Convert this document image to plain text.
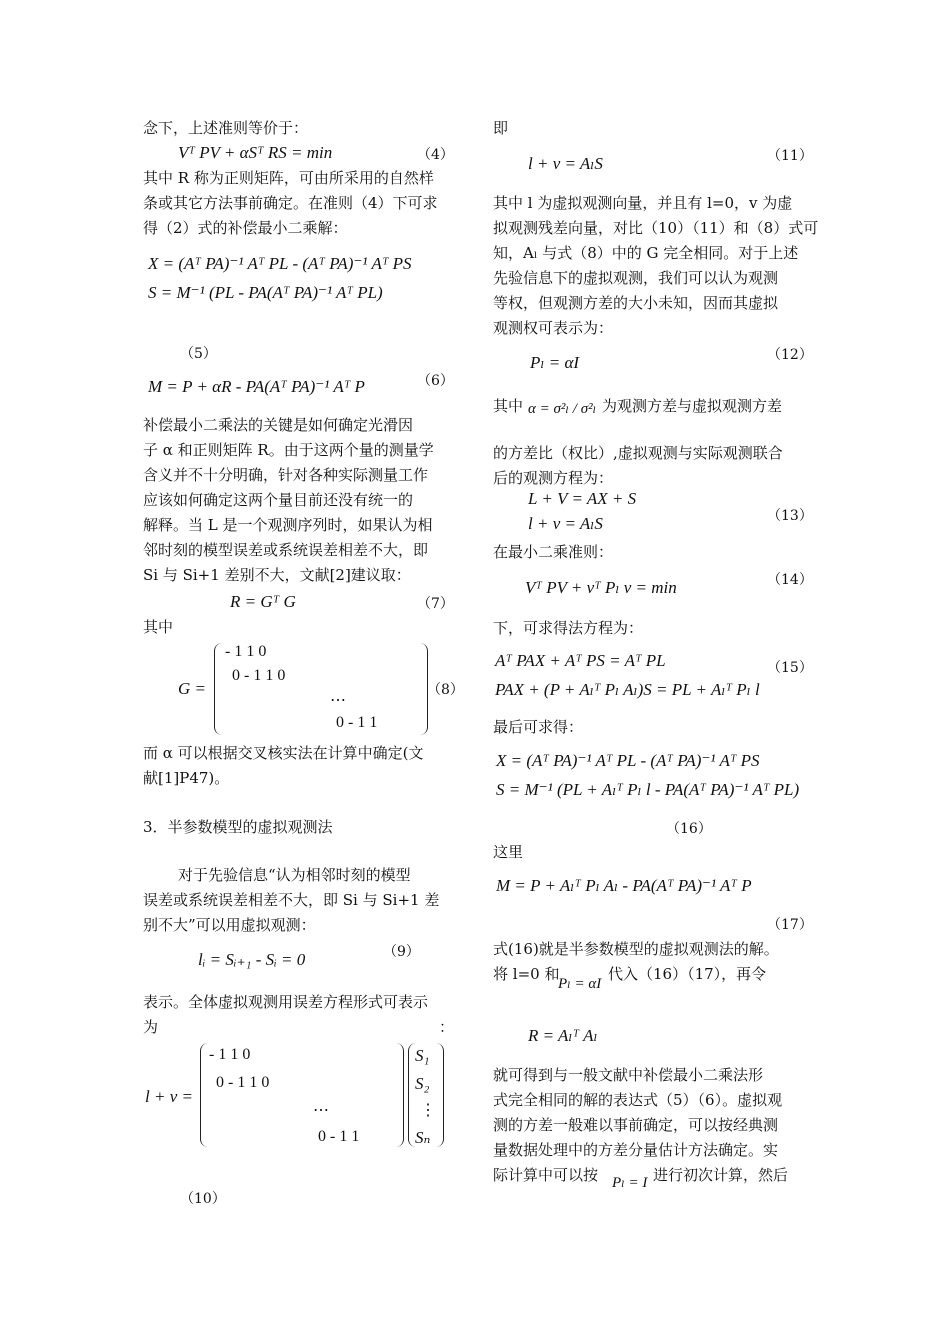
念下，上述准则等价于：
Vᵀ PV + αSᵀ RS = min	（4）
其中 R 称为正则矩阵，可由所采用的自然样
条或其它方法事前确定。在准则（4）下可求
得（2）式的补偿最小二乘解：
X = (Aᵀ PA)⁻¹ Aᵀ PL - (Aᵀ PA)⁻¹ Aᵀ PS
S = M⁻¹ (PL - PA(Aᵀ PA)⁻¹ Aᵀ PL)
（5）
M = P + αR - PA(Aᵀ PA)⁻¹ Aᵀ P	（6）
补偿最小二乘法的关键是如何确定光滑因
子 α 和正则矩阵 R。由于这两个量的测量学
含义并不十分明确，针对各种实际测量工作
应该如何确定这两个量目前还没有统一的
解释。当 L 是一个观测序列时，如果认为相
邻时刻的模型误差或系统误差相差不大，即
Si 与 Si+1 差别不大，文献[2]建议取：
R = Gᵀ G	（7）
其中
G =
- 1 1 0
0 - 1 1 0
⋯
0 - 1 1
（8）
而 α 可以根据交叉核实法在计算中确定(文
献[1]P47)。
3．半参数模型的虚拟观测法
对于先验信息“认为相邻时刻的模型
误差或系统误差相差不大，即 Si 与 Si+1 差
别不大”可以用虚拟观测：
lᵢ = Sᵢ₊₁ - Sᵢ = 0	（9）
表示。全体虚拟观测用误差方程形式可表示
为	：
l + v =
- 1 1 0
0 - 1 1 0
⋯
0 - 1 1
S₁
S₂
⋮
Sₙ
（10）
即
l + v = AₗS	（11）
其中 l 为虚拟观测向量，并且有 l=0，v 为虚
拟观测残差向量，对比（10）（11）和（8）式可
知，Aₗ 与式（8）中的 G 完全相同。对于上述
先验信息下的虚拟观测，我们可以认为观测
等权，但观测方差的大小未知，因而其虚拟
观测权可表示为：
Pₗ = αI	（12）
其中 α = σ²ₗ / σ²ₗ 为观测方差与虚拟观测方差
的方差比（权比）,虚拟观测与实际观测联合
后的观测方程为：
L + V = AX + S
l + v = AₗS	（13）
在最小二乘准则：
Vᵀ PV + vᵀ Pₗ v = min	（14）
下，可求得法方程为：
Aᵀ PAX + Aᵀ PS = Aᵀ PL
PAX + (P + Aₗᵀ Pₗ Aₗ)S = PL + Aₗᵀ Pₗ l
（15）
最后可求得：
X = (Aᵀ PA)⁻¹ Aᵀ PL - (Aᵀ PA)⁻¹ Aᵀ PS
S = M⁻¹ (PL + Aₗᵀ Pₗ l - PA(Aᵀ PA)⁻¹ Aᵀ PL)
（16）
这里
M = P + Aₗᵀ Pₗ Aₗ - PA(Aᵀ PA)⁻¹ Aᵀ P
（17）
式(16)就是半参数模型的虚拟观测法的解。
将 l=0 和
Pₗ = αI
代入（16）（17），再令
R = Aₗᵀ Aₗ
就可得到与一般文献中补偿最小二乘法形
式完全相同的解的表达式（5）（6）。虚拟观
测的方差一般难以事前确定，可以按经典测
量数据处理中的方差分量估计方法确定。实
际计算中可以按 Pₗ = I 进行初次计算，然后
